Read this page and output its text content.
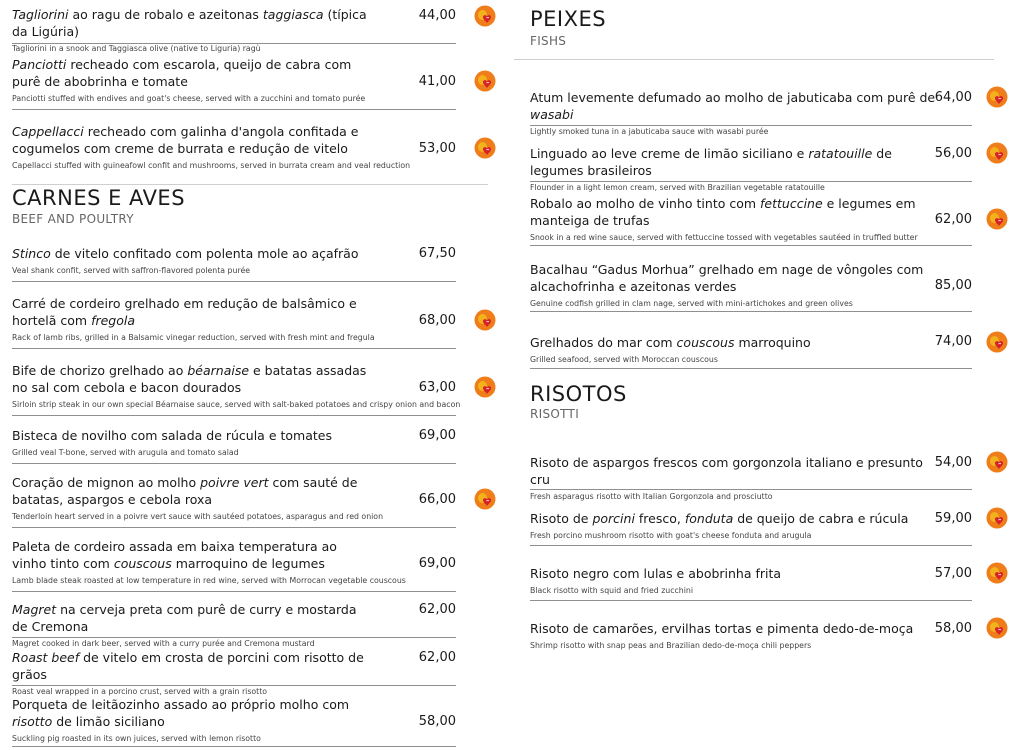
Tagliorini ao ragu de robalo e azeitonas taggiasca (típica da Ligúria)
Tagliorini in a snook and Taggiasca olive (native to Liguria) ragù
44,00
Panciotti recheado com escarola, queijo de cabra com purê de abobrinha e tomate
Panciotti stuffed with endives and goat's cheese, served with a zucchini and tomato purée
41,00
Cappellacci recheado com galinha d'angola confitada e cogumelos com creme de burrata e redução de vitelo
Capellacci stuffed with guineafowl confit and mushrooms, served in burrata cream and veal reduction
53,00
CARNES E AVES
BEEF AND POULTRY
Stinco de vitelo confitado com polenta mole ao açafrão
Veal shank confit, served with saffron-flavored polenta purée
67,50
Carré de cordeiro grelhado em redução de balsâmico e hortelã com fregola
Rack of lamb ribs, grilled in a Balsamic vinegar reduction, served with fresh mint and fregula
68,00
Bife de chorizo grelhado ao béarnaise e batatas assadas no sal com cebola e bacon dourados
Sirloin strip steak in our own special Béarnaise sauce, served with salt-baked potatoes and crispy onion and bacon
63,00
Bisteca de novilho com salada de rúcula e tomates
Grilled veal T-bone, served with arugula and tomato salad
69,00
Coração de mignon ao molho poivre vert com sauté de batatas, aspargos e cebola roxa
Tenderloin heart served in a poivre vert sauce with sautéed potatoes, asparagus and red onion
66,00
Paleta de cordeiro assada em baixa temperatura ao vinho tinto com couscous marroquino de legumes
Lamb blade steak roasted at low temperature in red wine, served with Morrocan vegetable couscous
69,00
Magret na cerveja preta com purê de curry e mostarda de Cremona
Magret cooked in dark beer, served with a curry purée and Cremona mustard
62,00
Roast beef de vitelo em crosta de porcini com risotto de grãos
Roast veal wrapped in a porcino crust, served with a grain risotto
62,00
Porqueta de leitãozinho assado ao próprio molho com risotto de limão siciliano
Suckling pig roasted in its own juices, served with lemon risotto
58,00
PEIXES
FISHS
Atum levemente defumado ao molho de jabuticaba com purê de wasabi
Lightly smoked tuna in a jabuticaba sauce with wasabi purée
64,00
Linguado ao leve creme de limão siciliano e ratatouille de legumes brasileiros
Flounder in a light lemon cream, served with Brazilian vegetable ratatouille
56,00
Robalo ao molho de vinho tinto com fettuccine e legumes em manteiga de trufas
Snook in a red wine sauce, served with fettuccine tossed with vegetables sautéed in truffled butter
62,00
Bacalhau “Gadus Morhua” grelhado em nage de vôngoles com alcachofrinha e azeitonas verdes
Genuine codfish grilled in clam nage, served with mini-artichokes and green olives
85,00
Grelhados do mar com couscous marroquino
Grilled seafood, served with Moroccan couscous
74,00
RISOTOS
RISOTTI
Risoto de aspargos frescos com gorgonzola italiano e presunto cru
Fresh asparagus risotto with Italian Gorgonzola and prosciutto
54,00
Risoto de porcini fresco, fonduta de queijo de cabra e rúcula
Fresh porcino mushroom risotto with goat's cheese fonduta and arugula
59,00
Risoto negro com lulas e abobrinha frita
Black risotto with squid and fried zucchini
57,00
Risoto de camarões, ervilhas tortas e pimenta dedo-de-moça
Shrimp risotto with snap peas and Brazilian dedo-de-moça chili peppers
58,00
